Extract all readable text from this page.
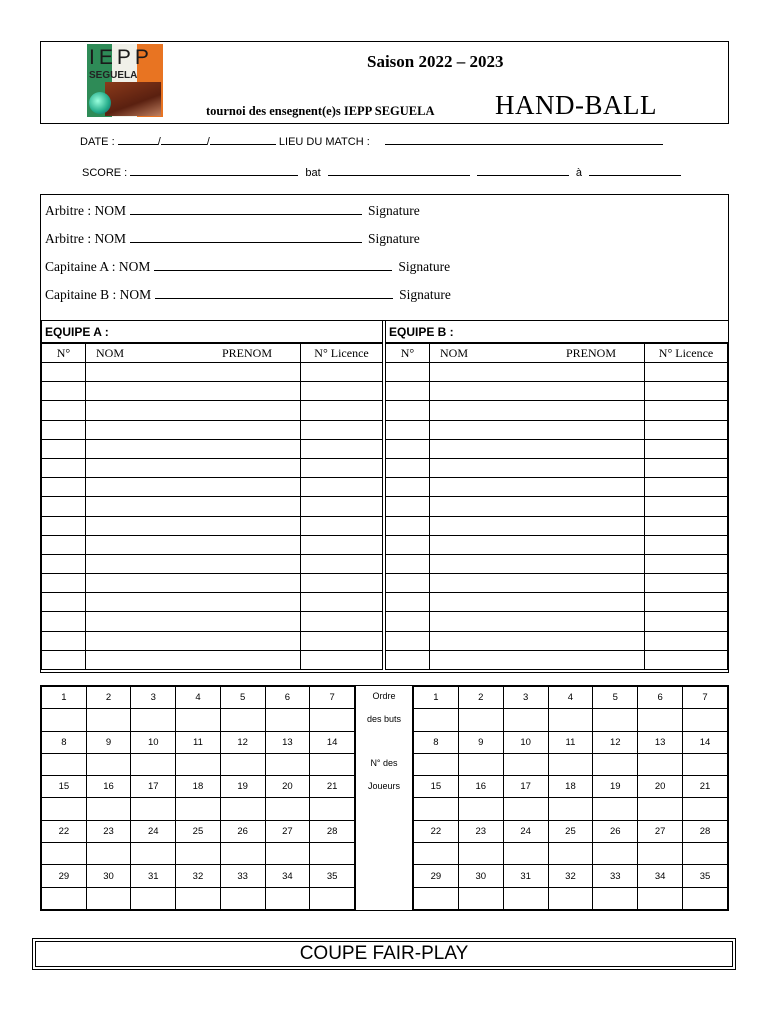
IEPP
SEGUELA
Saison 2022 – 2023
tournoi des ensegnent(e)s IEPP SEGUELA HAND-BALL
DATE :	/	/	LIEU DU MATCH :
SCORE :	bat	à
Arbitre : NOM	Signature
Arbitre : NOM	Signature
Capitaine A : NOM	Signature
Capitaine B : NOM	Signature
EQUIPE A :
N°	NOM PRENOM	N° Licence

EQUIPE B :
N°	NOM PRENOM	N° Licence

1	2	3	4	5	6	7

8	9	10	11	12	13	14

15	16	17	18	19	20	21

22	23	24	25	26	27	28

29	30	31	32	33	34	35

Ordre
des buts
N° des
Joueurs
1	2	3	4	5	6	7

8	9	10	11	12	13	14

15	16	17	18	19	20	21

22	23	24	25	26	27	28

29	30	31	32	33	34	35

COUPE FAIR-PLAY
